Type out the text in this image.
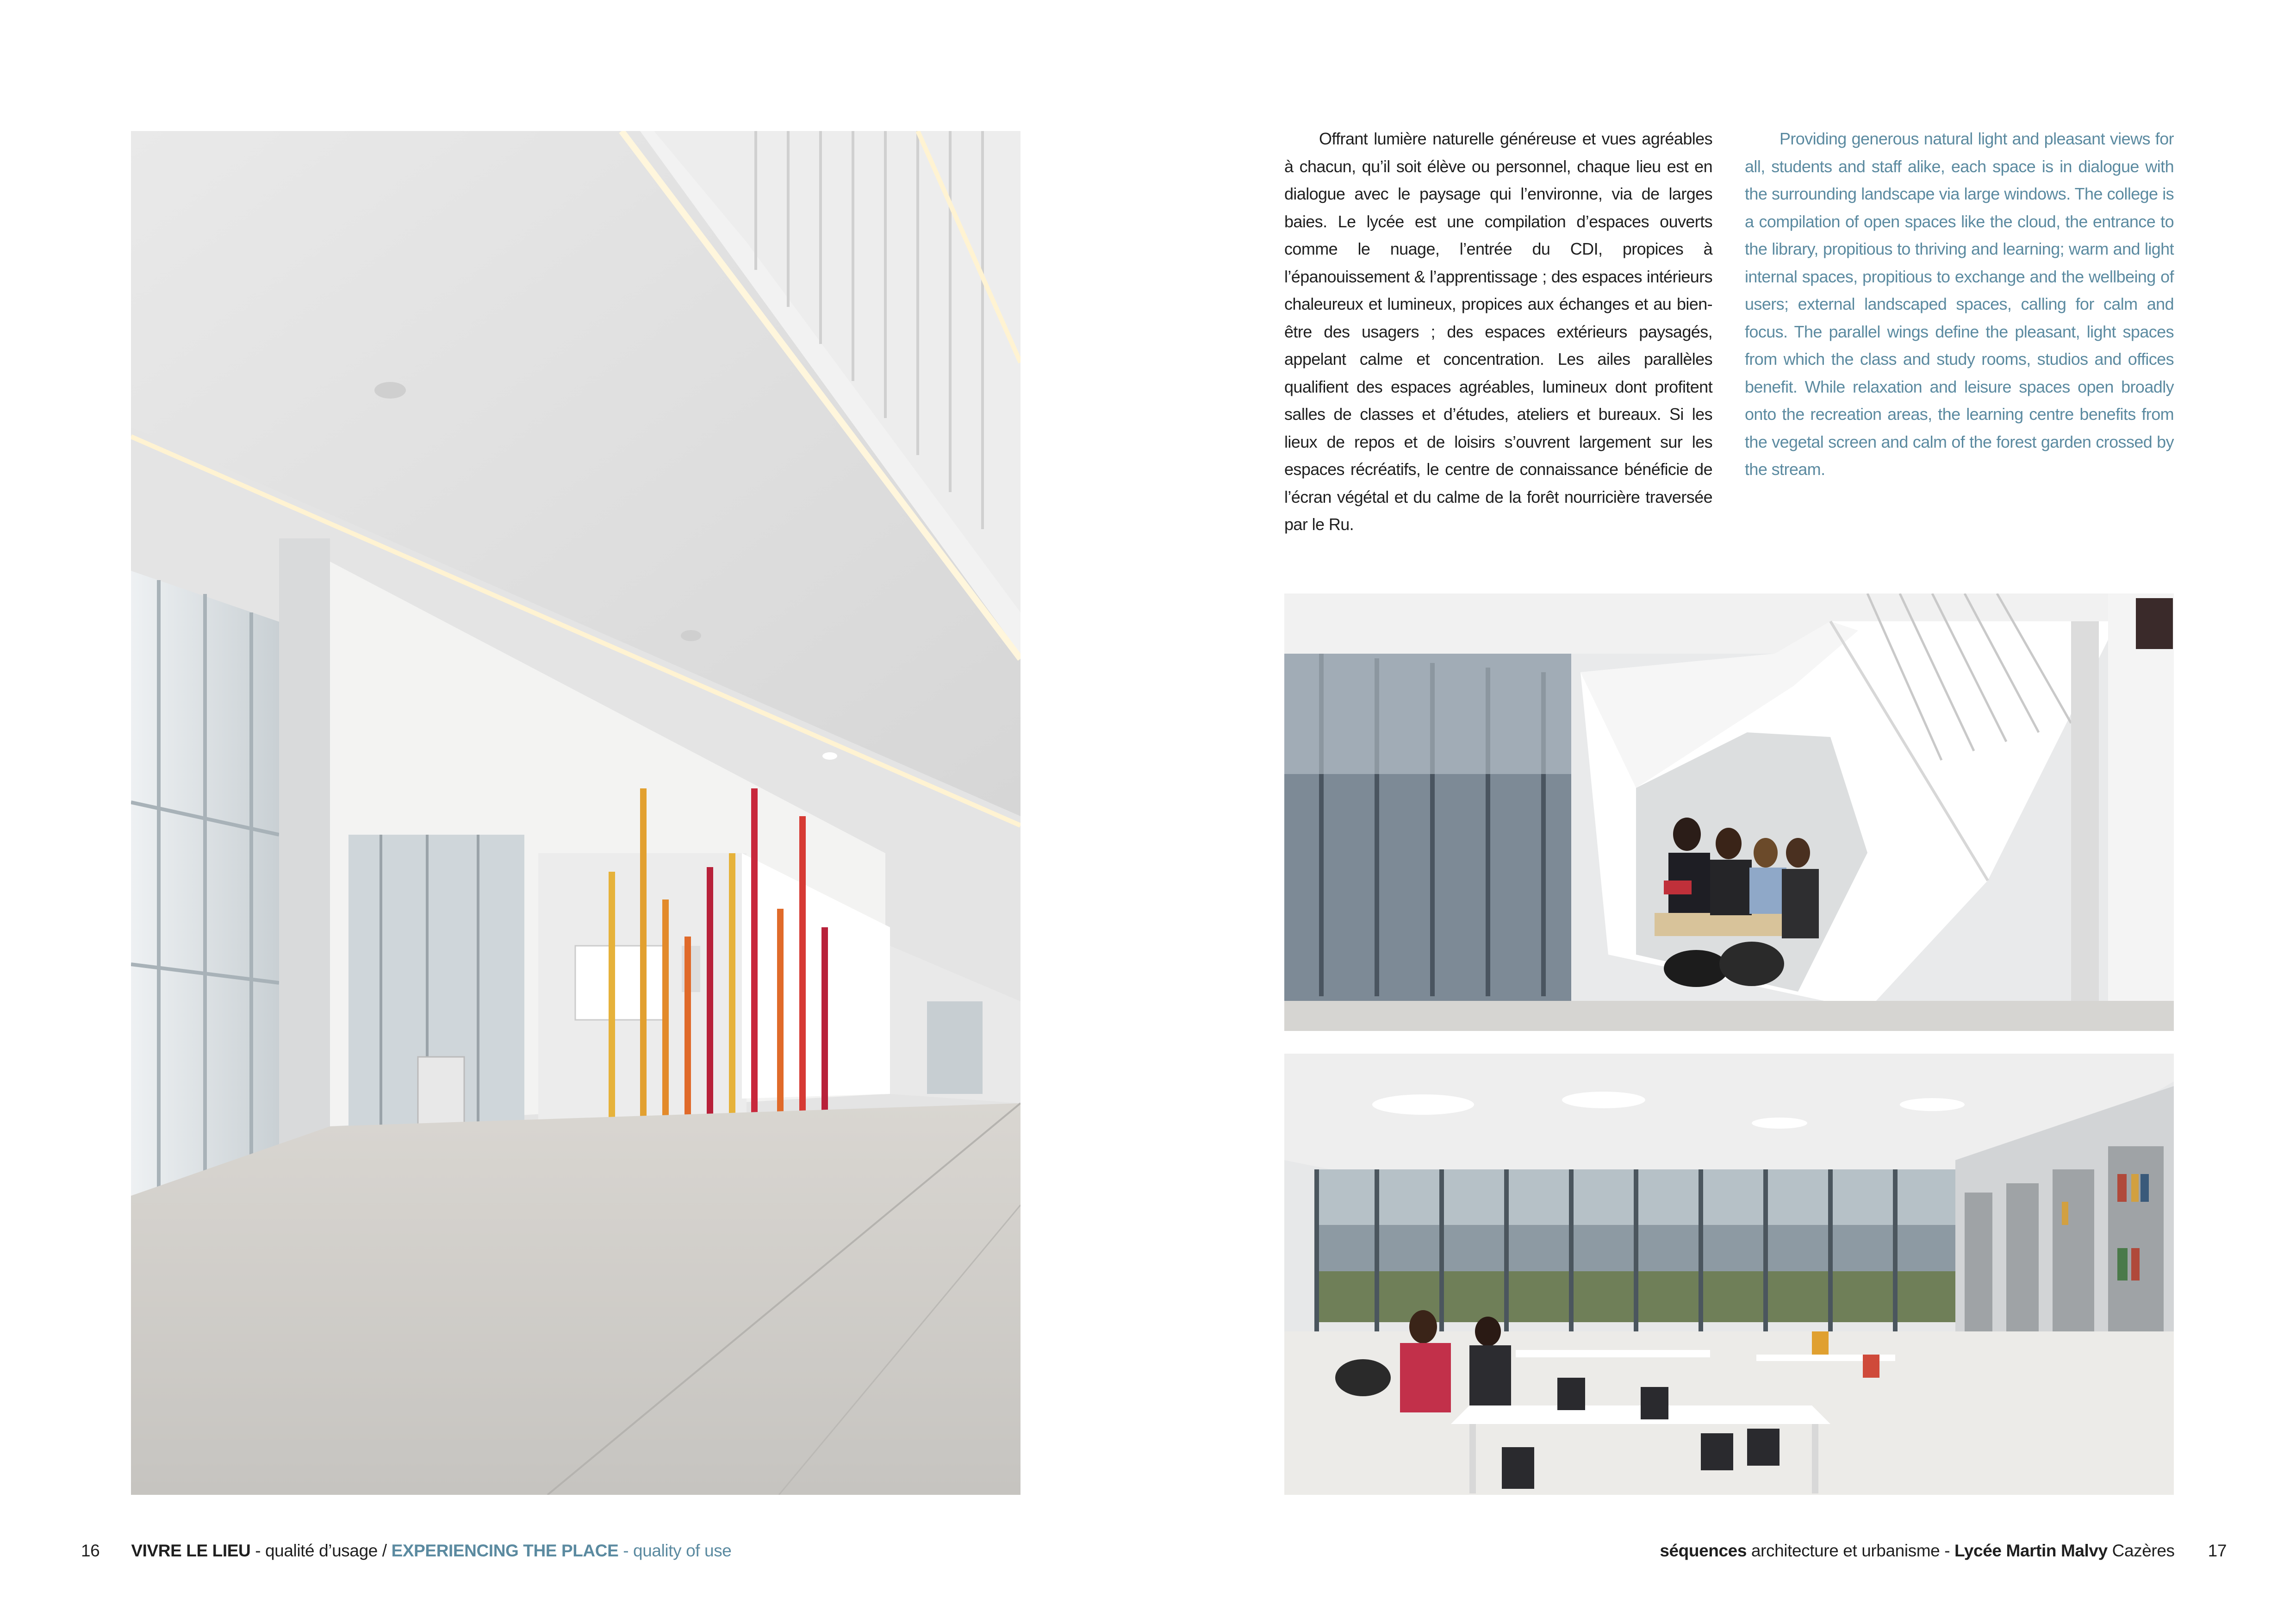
Offrant lumière naturelle généreuse et vues agréables à chacun, qu’il soit élève ou personnel, chaque lieu est en dialogue avec le paysage qui l’environne, via de larges baies. Le lycée est une compilation d’espaces ouverts comme le nuage, l’entrée du CDI, propices à l’épanouissement & l’apprentissage ; des espaces intérieurs chaleureux et lumineux, propices aux échanges et au bien-être des usagers ; des espaces extérieurs paysagés, appelant calme et concentration. Les ailes parallèles qualifient des espaces agréables, lumineux dont profitent salles de classes et d’études, ateliers et bureaux. Si les lieux de repos et de loisirs s’ouvrent largement sur les espaces récréatifs, le centre de connaissance bénéficie de l’écran végétal et du calme de la forêt nourricière traversée par le Ru.

Providing generous natural light and pleasant views for all, students and staff alike, each space is in dialogue with the surrounding landscape via large windows. The college is a compilation of open spaces like the cloud, the entrance to the library, propitious to thriving and learning; warm and light internal spaces, propitious to exchange and the wellbeing of users; external landscaped spaces, calling for calm and focus. The parallel wings define the pleasant, light spaces from which the class and study rooms, studios and offices benefit. While relaxation and leisure spaces open broadly onto the recreation areas, the learning centre benefits from the vegetal screen and calm of the forest garden crossed by the stream.

16 VIVRE LE LIEU - qualité d’usage / EXPERIENCING THE PLACE - quality of use	séquences architecture et urbanisme - Lycée Martin Malvy Cazères 17
